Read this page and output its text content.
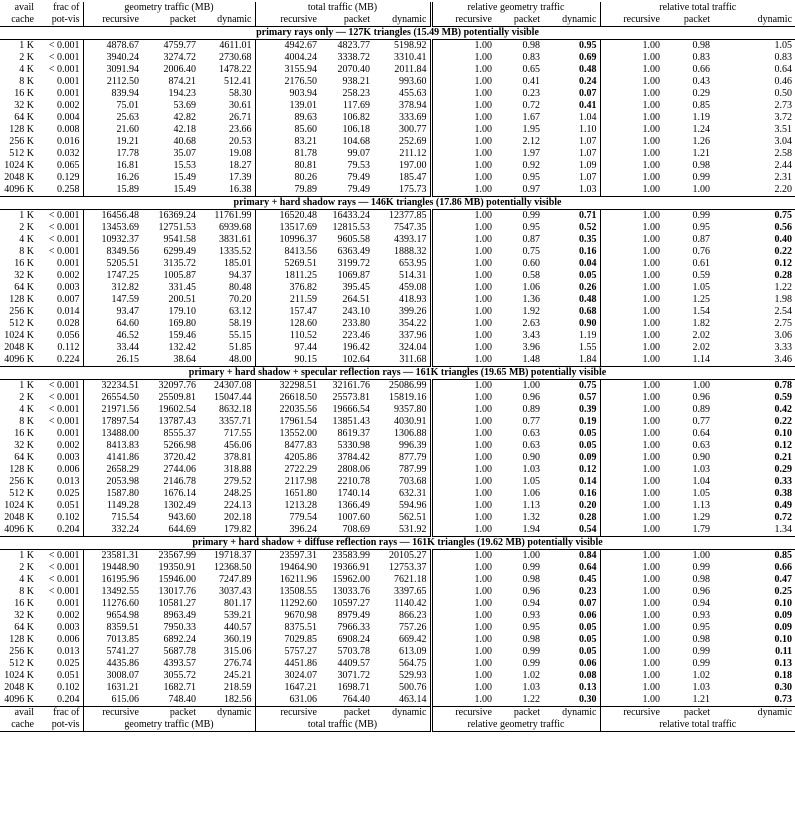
avail	frac of	geometry traffic (MB)			total traffic (MB)			relative geometry traffic			relative total traffic		
cache	pot-vis	recursive	packet	dynamic	recursive	packet	dynamic	recursive	packet	dynamic	recursive	packet	dynamic
primary rays only — 127K triangles (15.49 MB) potentially visible													
1 K	< 0.001	4878.67	4759.77	4611.01	4942.67	4823.77	5198.92	1.00	0.98	0.95	1.00	0.98	1.05
2 K	< 0.001	3940.24	3274.72	2730.68	4004.24	3338.72	3310.41	1.00	0.83	0.69	1.00	0.83	0.83
4 K	< 0.001	3091.94	2006.40	1478.22	3155.94	2070.40	2011.84	1.00	0.65	0.48	1.00	0.66	0.64
8 K	0.001	2112.50	874.21	512.41	2176.50	938.21	993.60	1.00	0.41	0.24	1.00	0.43	0.46
16 K	0.001	839.94	194.23	58.30	903.94	258.23	455.63	1.00	0.23	0.07	1.00	0.29	0.50
32 K	0.002	75.01	53.69	30.61	139.01	117.69	378.94	1.00	0.72	0.41	1.00	0.85	2.73
64 K	0.004	25.63	42.82	26.71	89.63	106.82	333.69	1.00	1.67	1.04	1.00	1.19	3.72
128 K	0.008	21.60	42.18	23.66	85.60	106.18	300.77	1.00	1.95	1.10	1.00	1.24	3.51
256 K	0.016	19.21	40.68	20.53	83.21	104.68	252.69	1.00	2.12	1.07	1.00	1.26	3.04
512 K	0.032	17.78	35.07	19.08	81.78	99.07	211.12	1.00	1.97	1.07	1.00	1.21	2.58
1024 K	0.065	16.81	15.53	18.27	80.81	79.53	197.00	1.00	0.92	1.09	1.00	0.98	2.44
2048 K	0.129	16.26	15.49	17.39	80.26	79.49	185.47	1.00	0.95	1.07	1.00	0.99	2.31
4096 K	0.258	15.89	15.49	16.38	79.89	79.49	175.73	1.00	0.97	1.03	1.00	1.00	2.20
primary + hard shadow rays — 146K triangles (17.86 MB) potentially visible													
1 K	< 0.001	16456.48	16369.24	11761.99	16520.48	16433.24	12377.85	1.00	0.99	0.71	1.00	0.99	0.75
2 K	< 0.001	13453.69	12751.53	6939.68	13517.69	12815.53	7547.35	1.00	0.95	0.52	1.00	0.95	0.56
4 K	< 0.001	10932.37	9541.58	3831.61	10996.37	9605.58	4393.17	1.00	0.87	0.35	1.00	0.87	0.40
8 K	< 0.001	8349.56	6299.49	1335.52	8413.56	6363.49	1888.32	1.00	0.75	0.16	1.00	0.76	0.22
16 K	0.001	5205.51	3135.72	185.01	5269.51	3199.72	653.95	1.00	0.60	0.04	1.00	0.61	0.12
32 K	0.002	1747.25	1005.87	94.37	1811.25	1069.87	514.31	1.00	0.58	0.05	1.00	0.59	0.28
64 K	0.003	312.82	331.45	80.48	376.82	395.45	459.08	1.00	1.06	0.26	1.00	1.05	1.22
128 K	0.007	147.59	200.51	70.20	211.59	264.51	418.93	1.00	1.36	0.48	1.00	1.25	1.98
256 K	0.014	93.47	179.10	63.12	157.47	243.10	399.26	1.00	1.92	0.68	1.00	1.54	2.54
512 K	0.028	64.60	169.80	58.19	128.60	233.80	354.22	1.00	2.63	0.90	1.00	1.82	2.75
1024 K	0.056	46.52	159.46	55.15	110.52	223.46	337.96	1.00	3.43	1.19	1.00	2.02	3.06
2048 K	0.112	33.44	132.42	51.85	97.44	196.42	324.04	1.00	3.96	1.55	1.00	2.02	3.33
4096 K	0.224	26.15	38.64	48.00	90.15	102.64	311.68	1.00	1.48	1.84	1.00	1.14	3.46
primary + hard shadow + specular reflection rays — 161K triangles (19.65 MB) potentially visible													
1 K	< 0.001	32234.51	32097.76	24307.08	32298.51	32161.76	25086.99	1.00	1.00	0.75	1.00	1.00	0.78
2 K	< 0.001	26554.50	25509.81	15047.44	26618.50	25573.81	15819.16	1.00	0.96	0.57	1.00	0.96	0.59
4 K	< 0.001	21971.56	19602.54	8632.18	22035.56	19666.54	9357.80	1.00	0.89	0.39	1.00	0.89	0.42
8 K	< 0.001	17897.54	13787.43	3357.71	17961.54	13851.43	4030.91	1.00	0.77	0.19	1.00	0.77	0.22
16 K	0.001	13488.00	8555.37	717.55	13552.00	8619.37	1306.88	1.00	0.63	0.05	1.00	0.64	0.10
32 K	0.002	8413.83	5266.98	456.06	8477.83	5330.98	996.39	1.00	0.63	0.05	1.00	0.63	0.12
64 K	0.003	4141.86	3720.42	378.81	4205.86	3784.42	877.79	1.00	0.90	0.09	1.00	0.90	0.21
128 K	0.006	2658.29	2744.06	318.88	2722.29	2808.06	787.99	1.00	1.03	0.12	1.00	1.03	0.29
256 K	0.013	2053.98	2146.78	279.52	2117.98	2210.78	703.68	1.00	1.05	0.14	1.00	1.04	0.33
512 K	0.025	1587.80	1676.14	248.25	1651.80	1740.14	632.31	1.00	1.06	0.16	1.00	1.05	0.38
1024 K	0.051	1149.28	1302.49	224.13	1213.28	1366.49	594.96	1.00	1.13	0.20	1.00	1.13	0.49
2048 K	0.102	715.54	943.60	202.18	779.54	1007.60	562.51	1.00	1.32	0.28	1.00	1.29	0.72
4096 K	0.204	332.24	644.69	179.82	396.24	708.69	531.92	1.00	1.94	0.54	1.00	1.79	1.34
primary + hard shadow + diffuse reflection rays — 161K triangles (19.62 MB) potentially visible													
1 K	< 0.001	23581.31	23567.99	19718.37	23597.31	23583.99	20105.27	1.00	1.00	0.84	1.00	1.00	0.85
2 K	< 0.001	19448.90	19350.91	12368.50	19464.90	19366.91	12753.37	1.00	0.99	0.64	1.00	0.99	0.66
4 K	< 0.001	16195.96	15946.00	7247.89	16211.96	15962.00	7621.18	1.00	0.98	0.45	1.00	0.98	0.47
8 K	< 0.001	13492.55	13017.76	3037.43	13508.55	13033.76	3397.65	1.00	0.96	0.23	1.00	0.96	0.25
16 K	0.001	11276.60	10581.27	801.17	11292.60	10597.27	1140.42	1.00	0.94	0.07	1.00	0.94	0.10
32 K	0.002	9654.98	8963.49	539.21	9670.98	8979.49	866.23	1.00	0.93	0.06	1.00	0.93	0.09
64 K	0.003	8359.51	7950.33	440.57	8375.51	7966.33	757.26	1.00	0.95	0.05	1.00	0.95	0.09
128 K	0.006	7013.85	6892.24	360.19	7029.85	6908.24	669.42	1.00	0.98	0.05	1.00	0.98	0.10
256 K	0.013	5741.27	5687.78	315.06	5757.27	5703.78	613.09	1.00	0.99	0.05	1.00	0.99	0.11
512 K	0.025	4435.86	4393.57	276.74	4451.86	4409.57	564.75	1.00	0.99	0.06	1.00	0.99	0.13
1024 K	0.051	3008.07	3055.72	245.21	3024.07	3071.72	529.93	1.00	1.02	0.08	1.00	1.02	0.18
2048 K	0.102	1631.21	1682.71	218.59	1647.21	1698.71	500.76	1.00	1.03	0.13	1.00	1.03	0.30
4096 K	0.204	615.06	748.40	182.56	631.06	764.40	463.14	1.00	1.22	0.30	1.00	1.21	0.73
avail	frac of	recursive	packet	dynamic	recursive	packet	dynamic	recursive	packet	dynamic	recursive	packet	dynamic
cache	pot-vis	geometry traffic (MB)			total traffic (MB)			relative geometry traffic			relative total traffic		
